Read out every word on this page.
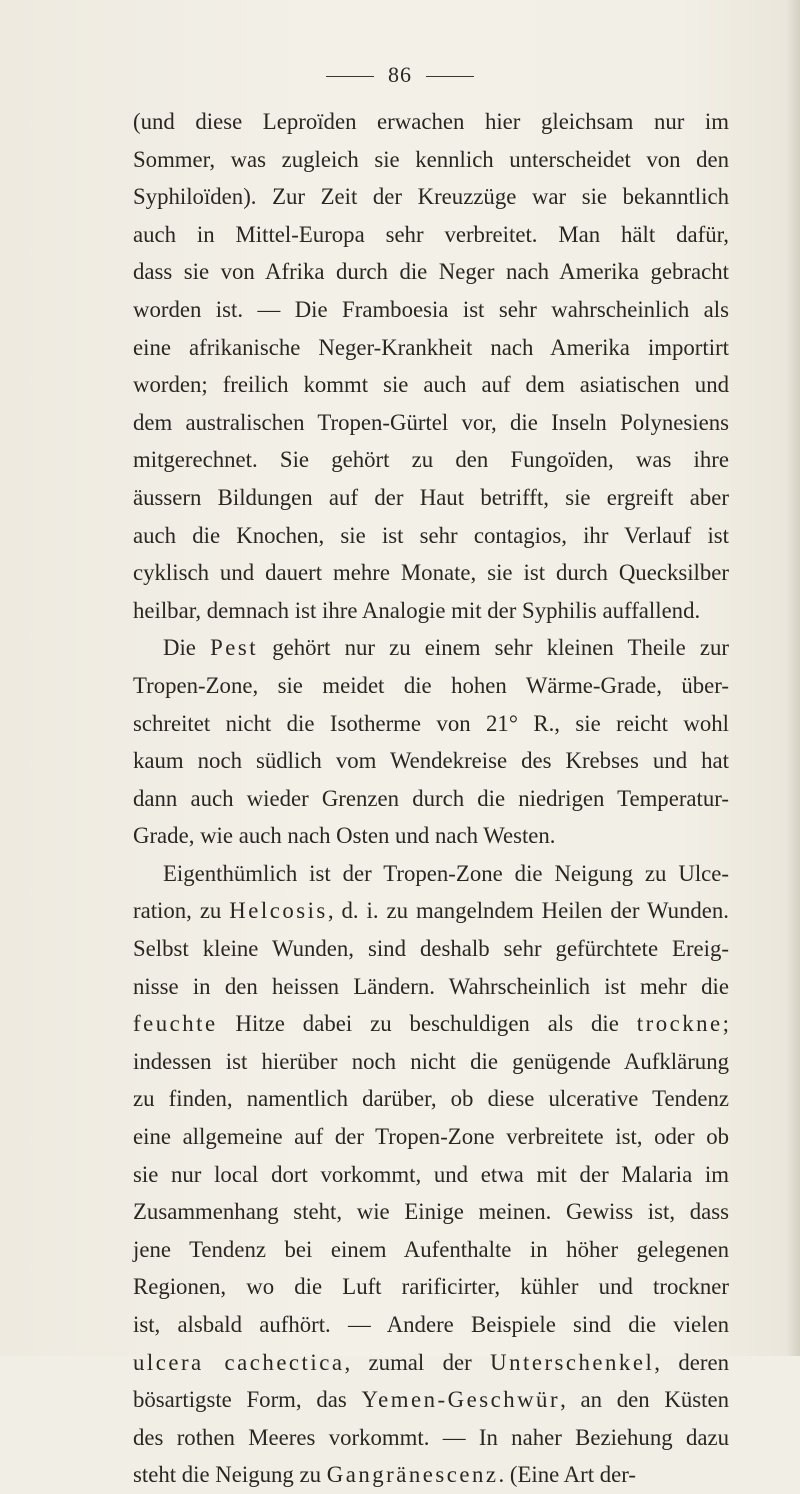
86
(und diese Leproïden erwachen hier gleichsam nur im
Sommer, was zugleich sie kennlich unterscheidet von den
Syphiloïden). Zur Zeit der Kreuzzüge war sie bekanntlich
auch in Mittel-Europa sehr verbreitet. Man hält dafür,
dass sie von Afrika durch die Neger nach Amerika gebracht
worden ist. — Die Framboesia ist sehr wahrscheinlich als
eine afrikanische Neger-Krankheit nach Amerika importirt
worden; freilich kommt sie auch auf dem asiatischen und
dem australischen Tropen-Gürtel vor, die Inseln Polynesiens
mitgerechnet. Sie gehört zu den Fungoïden, was ihre
äussern Bildungen auf der Haut betrifft, sie ergreift aber
auch die Knochen, sie ist sehr contagios, ihr Verlauf ist
cyklisch und dauert mehre Monate, sie ist durch Quecksilber
heilbar, demnach ist ihre Analogie mit der Syphilis auffallend.
Die Pest gehört nur zu einem sehr kleinen Theile zur
Tropen-Zone, sie meidet die hohen Wärme-Grade, über-
schreitet nicht die Isotherme von 21° R., sie reicht wohl
kaum noch südlich vom Wendekreise des Krebses und hat
dann auch wieder Grenzen durch die niedrigen Temperatur-
Grade, wie auch nach Osten und nach Westen.
Eigenthümlich ist der Tropen-Zone die Neigung zu Ulce-
ration, zu Helcosis, d. i. zu mangelndem Heilen der Wunden.
Selbst kleine Wunden, sind deshalb sehr gefürchtete Ereig-
nisse in den heissen Ländern. Wahrscheinlich ist mehr die
feuchte Hitze dabei zu beschuldigen als die trockne;
indessen ist hierüber noch nicht die genügende Aufklärung
zu finden, namentlich darüber, ob diese ulcerative Tendenz
eine allgemeine auf der Tropen-Zone verbreitete ist, oder ob
sie nur local dort vorkommt, und etwa mit der Malaria im
Zusammenhang steht, wie Einige meinen. Gewiss ist, dass
jene Tendenz bei einem Aufenthalte in höher gelegenen
Regionen, wo die Luft rarificirter, kühler und trockner
ist, alsbald aufhört. — Andere Beispiele sind die vielen
ulcera cachectica, zumal der Unterschenkel, deren
bösartigste Form, das Yemen-Geschwür, an den Küsten
des rothen Meeres vorkommt. — In naher Beziehung dazu
steht die Neigung zu Gangränescenz. (Eine Art der-
